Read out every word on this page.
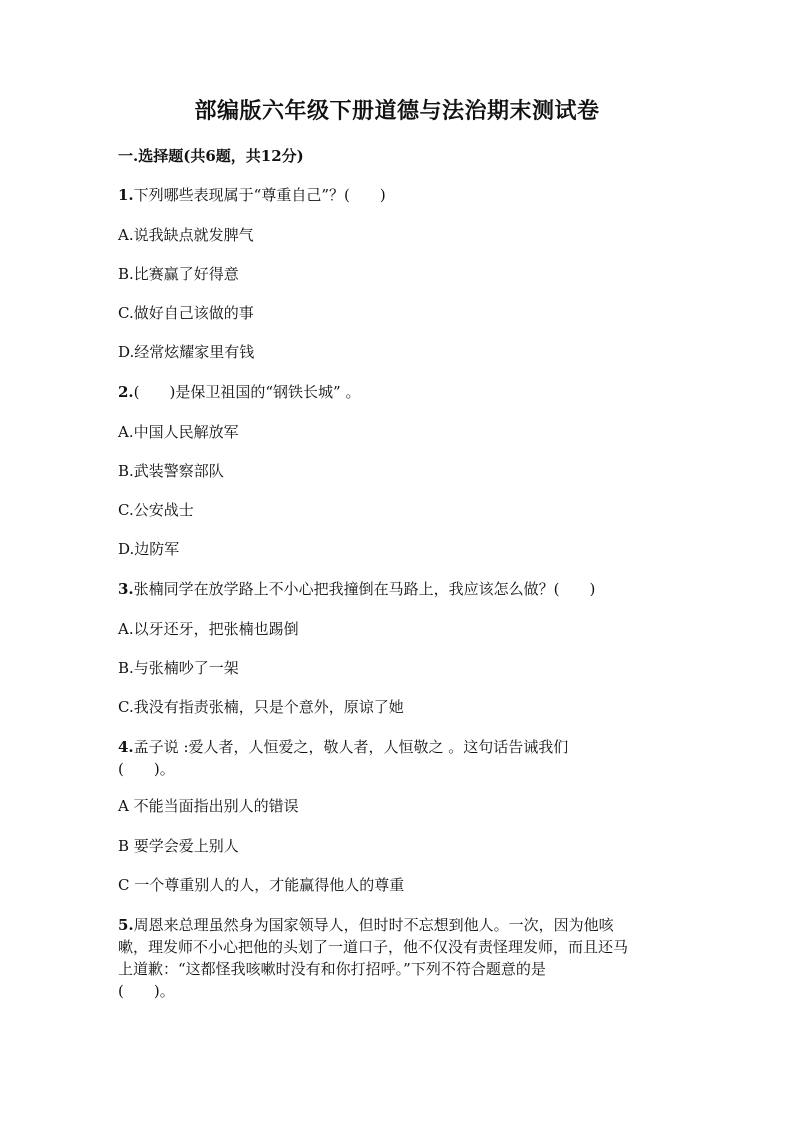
部编版六年级下册道德与法治期末测试卷
一.选择题(共6题，共12分)
1.下列哪些表现属于“尊重自己”？(　　)
A.说我缺点就发脾气
B.比赛赢了好得意
C.做好自己该做的事
D.经常炫耀家里有钱
2.(　　)是保卫祖国的“钢铁长城” 。
A.中国人民解放军
B.武装警察部队
C.公安战士
D.边防军
3.张楠同学在放学路上不小心把我撞倒在马路上，我应该怎么做？(　　)
A.以牙还牙，把张楠也踢倒
B.与张楠吵了一架
C.我没有指责张楠，只是个意外，原谅了她
4.孟子说 :爱人者，人恒爱之，敬人者，人恒敬之 。这句话告诫我们
(　　)。
A 不能当面指出别人的错误
B 要学会爱上别人
C 一个尊重别人的人，才能赢得他人的尊重
5.周恩来总理虽然身为国家领导人，但时时不忘想到他人。一次，因为他咳
嗽，理发师不小心把他的头划了一道口子，他不仅没有责怪理发师，而且还马
上道歉：“这都怪我咳嗽时没有和你打招呼。”下列不符合题意的是
(　　)。
